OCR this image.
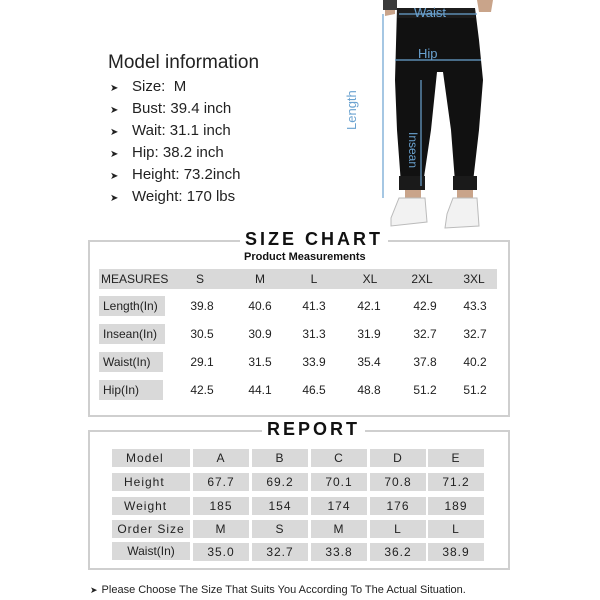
Model information
➤ Size: M
➤ Bust: 39.4 inch
➤ Wait: 31.1 inch
➤ Hip: 38.2 inch
➤ Height: 73.2inch
➤ Weight: 170 lbs
Waist
Hip
Length
Insean
SIZE CHART
Product Measurements
MEASURES	S	M	L	XL	2XL	3XL
Length(In)	39.8	40.6	41.3	42.1	42.9	43.3
Insean(In)	30.5	30.9	31.3	31.9	32.7	32.7
Waist(In)	29.1	31.5	33.9	35.4	37.8	40.2
Hip(In)	42.5	44.1	46.5	48.8	51.2	51.2
REPORT
Model	A	B	C	D	E
Height	67.7	69.2	70.1	70.8	71.2
Weight	185	154	174	176	189
Order Size	M	S	M	L	L
Waist(In)	35.0	32.7	33.8	36.2	38.9
➤ Please Choose The Size That Suits You According To The Actual Situation.
